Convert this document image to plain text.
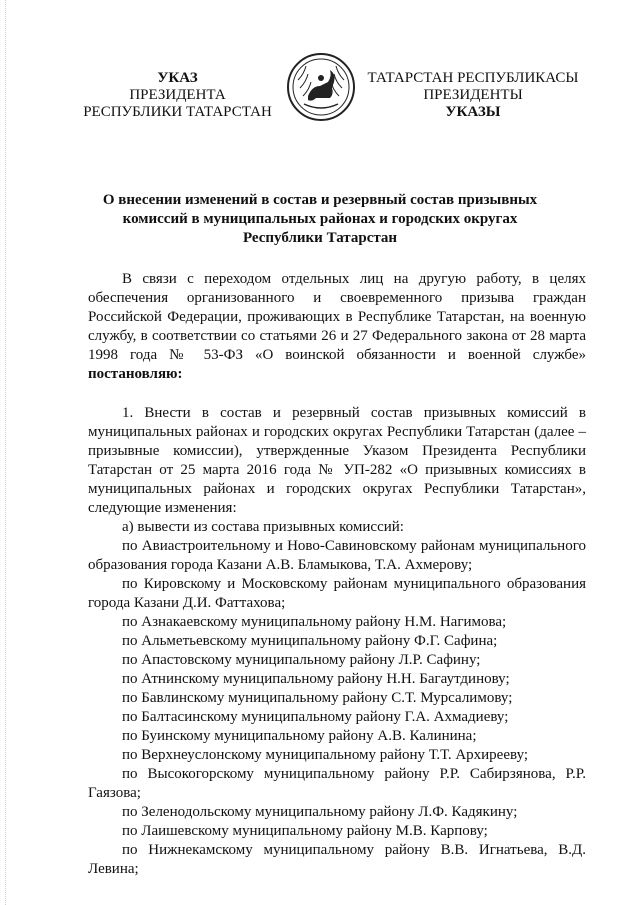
УКАЗ
ПРЕЗИДЕНТА
РЕСПУБЛИКИ ТАТАРСТАН
ТАТАРСТАН РЕСПУБЛИКАСЫ
ПРЕЗИДЕНТЫ
УКАЗЫ
О внесении изменений в состав и резервный состав призывных
комиссий в муниципальных районах и городских округах
Республики Татарстан

В связи с переходом отдельных лиц на другую работу, в целях обеспечения организованного и своевременного призыва граждан Российской Федерации, проживающих в Республике Татарстан, на военную службу, в соответствии со статьями 26 и 27 Федерального закона от 28 марта 1998 года № 53-ФЗ «О воинской обязанности и военной службе» постановляю:

1. Внести в состав и резервный состав призывных комиссий в муниципальных районах и городских округах Республики Татарстан (далее – призывные комиссии), утвержденные Указом Президента Республики Татарстан от 25 марта 2016 года № УП-282 «О призывных комиссиях в муниципальных районах и городских округах Республики Татарстан», следующие изменения:

а) вывести из состава призывных комиссий:

по Авиастроительному и Ново-Савиновскому районам муниципального образования города Казани А.В. Бламыкова, Т.А. Ахмерову;

по Кировскому и Московскому районам муниципального образования города Казани Д.И. Фаттахова;

по Азнакаевскому муниципальному району Н.М. Нагимова;

по Альметьевскому муниципальному району Ф.Г. Сафина;

по Апастовскому муниципальному району Л.Р. Сафину;

по Атнинскому муниципальному району Н.Н. Багаутдинову;

по Бавлинскому муниципальному району С.Т. Мурсалимову;

по Балтасинскому муниципальному району Г.А. Ахмадиеву;

по Буинскому муниципальному району А.В. Калинина;

по Верхнеуслонскому муниципальному району Т.Т. Архирееву;

по Высокогорскому муниципальному району Р.Р. Сабирзянова, Р.Р. Гаязова;

по Зеленодольскому муниципальному району Л.Ф. Кадякину;

по Лаишевскому муниципальному району М.В. Карпову;

по Нижнекамскому муниципальному району В.В. Игнатьева, В.Д. Левина;
